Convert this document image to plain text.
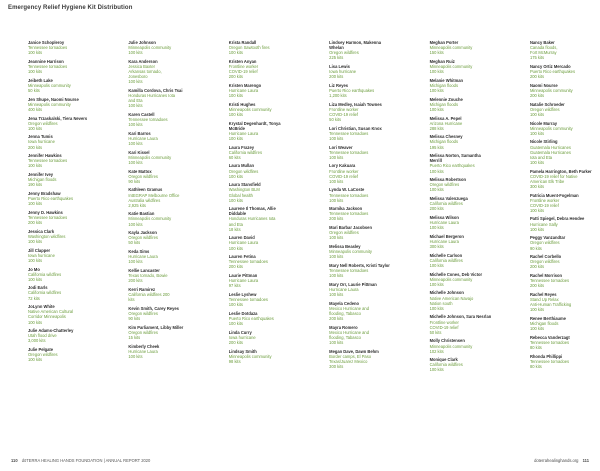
Emergency Relief Hygiene Kit Distribution
Janice Schopleroy
Tennessee tornadoes
100 kits
Jeannine Harrison
Tennessee tornadoes
100 kits
Jeibeth Lake
Minneapolis community
50 kits
Jen Shupe, Naomi Nourse
Minneapolis community
400 kits
Jena Trzaskalski, Tiera Nevers
Oregon wildfires
100 kits
Jenna Tumis
Iowa hurricane
200 kits
Jennifer Hawkins
Tennessee tornadoes
100 kits
Jennifer Ivey
Michigan floods
190 kits
Jenny Bradshaw
Puerto Rico earthquakes
100 kits
Jenny D. Hawkins
Tennessee tornadoes
200 kits
Jessica Clark
Washington wildfires
100 kits
Jill Clapper
Iowa hurricane
100 kits
Jo Mo
California wildfires
100 kits
Jodi Earls
California wildfires
72 kits
JoLynn White
Native American Cultural
Corridor Minneapolis
100 kits
Julie Adams-Chatterley
Utah flood drive
3,000 kits
Julie Pelgate
Oregon wildfires
100 kits
Julie Johnson
Minneapolis community
100 kits
Kara Anderson
Jessica Baxter
Arkansas tornado,
Jonesboro
100 kits
Kamilla Cordova, Chris Tsai
Honduras Hurricanes Iota
and Eta
100 kits
Karen Castell
Tennessee tornadoes
100 kits
Kari Barros
Hurricane Laura
100 kits
Kari Kissel
Minneapolis community
100 kits
Kate Mattox
Oregon wildfires
90 kits
Kathleen Gramus
IntEGRAP Melbourne Office
Australia wildfires
2,925 kits
Katie Bastian
Minneapolis community
100 kits
Kayla Jackson
Oregon wildfires
50 kits
Keda Sims
Hurricane Laura
100 kits
Kellie Lancaster
Texas tornado, Bowie
200 kits
Kerri Ramirez
California wildfires 200
kits
Kevin Smith, Carey Reyes
Oregon wildfires
90 kits
Kim Parliament, Libby Miller
Oregon wildfires
15 kits
Kimberly Cheek
Hurricane Laura
100 kits
Krista Randall
Oregon Sawtooth fires
100 kits
Kristen Anyan
Frontline worker
COVID-19 relief
200 kits
Kristen Marengo
Hurricane Laura
100 kits
Kristi Hughes
Minneapolis community
100 kits
Krystal Degenhardt, Tonya McBride
Hurricane Laura
100 kits
Laura Frazey
California wildfires
60 kits
Laura Mullan
Oregon wildfires
100 kits
Laura Stansfield
Washington BLM
Global health
100 kits
Laurene Il Thomas, Allie Diddable
Honduras Hurricanes Iota
and Eta
18 kits
Lauren David
Hurricane Laura
100 kits
Lauren Fetina
Tennessee tornadoes
200 kits
Laurie Pittman
Hurricane Laura
97 kits
Leslie Lyshew
Tennessee tornadoes
100 kits
Leslie Dotdaza
Puerto Rico earthquakes
100 kits
Linda Curry
Iowa hurricane
200 kits
Lindsay Smith
Minneapolis community
98 kits
Lindsey Harmon, Makenna Whelan
Oregon wildfires
225 kits
Lisa Lewis
Iowa hurricane
200 kits
Liz Reyes
Puerto Rico earthquakes
1,200 kits
Liza Medley, Isaiah Townes
Frontline worker
COVID-19 relief
50 kits
Lori Christian, Susan Knox
Tennessee tornadoes
100 kits
Lori Weaver
Tennessee tornadoes
100 kits
Lory Kakuara
Frontline worker
COVID-19 relief
100 kits
Lynda W. LaCoste
Tennessee tornadoes
100 kits
Marnika Jackson
Tennessee tornadoes
200 kits
Mari Barbar Jacobsen
Oregon wildfires
100 kits
Melissa Beasley
Minneapolis community
100 kits
Mary Nell Roberts, Kristi Taylor
Tennessee tornadoes
100 kits
Mary Orr, Laurie Pittman
Hurricane Laura
100 kits
Mayela Cedeno
Mexico Hurricane and
flooding, Tabasco
200 kits
Mayra Romero
Mexico Hurricane and
flooding, Tabasco
100 kits
Megan Dave, Dawn Behm
Border camps, El Paso
Texas/Juarez Mexico
300 kits
Meghan Porter
Minneapolis community
150 kits
Meghan Ruiz
Minneapolis community
100 kits
Melanie Whitman
Michigan floods
100 kits
Melennie Zouche
Michigan floods
100 kits
Melissa A. Pepel
Arizona Hurricane
288 kits
Melissa Chesney
Michigan floods
195 kits
Melissa Norton, Samantha Merrill
Puerto Rico earthquakes
100 kits
Melissa Robertson
Oregon wildfires
100 kits
Melissa Valenzuega
California wildfires
200 kits
Melissa Wilson
Hurricane Laura
100 kits
Michael Bergeron
Hurricane Laura
300 kits
Michelle Carlson
California wildfires
100 kits
Michelle Cones, Deb Victor
Minneapolis community
100 kits
Michelle Johnson
Native American Navajo
Nation south
100 kits
Michelle Johnson, Sara Nesrlan
Frontline worker
COVID-19 relief
50 kits
Molly Christensen
Minneapolis community
102 kits
Monique Clark
California wildfires
100 kits
Nancy Baker
Canada floods,
Fort McMurray
175 kits
Nancy Ortiz Mercado
Puerto Rico earthquakes
200 kits
Naomi Nourse
Minneapolis community
200 kits
Natalie Schroeder
Oregon wildfires
100 kits
Nicole Murray
Minneapolis community
100 kits
Nicole Stirling
Guatemala Hurricanes
Guatemala Hurricanes
Iota and Eta
100 kits
Pamela Harrington, Beth Parker
COVID-19 relief for Native
American Elk Tribe
300 kits
Patricia Muent-Fogelman
Frontline worker
COVID-19 relief
100 kits
Patti Spiegel, Debra Hendee
Hurricane Sally
100 kits
Peggy Vanzandtar
Oregon wildfires
90 kits
Rachel Corbello
Oregon wildfires
200 kits
Rachel Morrison
Tennessee tornadoes
200 kits
Rachel Reyes
Stand Up Relax
Anti-Human Trafficking
100 kits
Renee Berthiaume
Michigan floods
100 kits
Rebecca Vanderzagt
Tennessee tornadoes
80 kits
Rhonda Phillippi
Tennessee tornadoes
80 kits
110 dōTERRA HEALING HANDS FOUNDATION | ANNUAL REPORT 2020	doterrahealinghands.org 111
